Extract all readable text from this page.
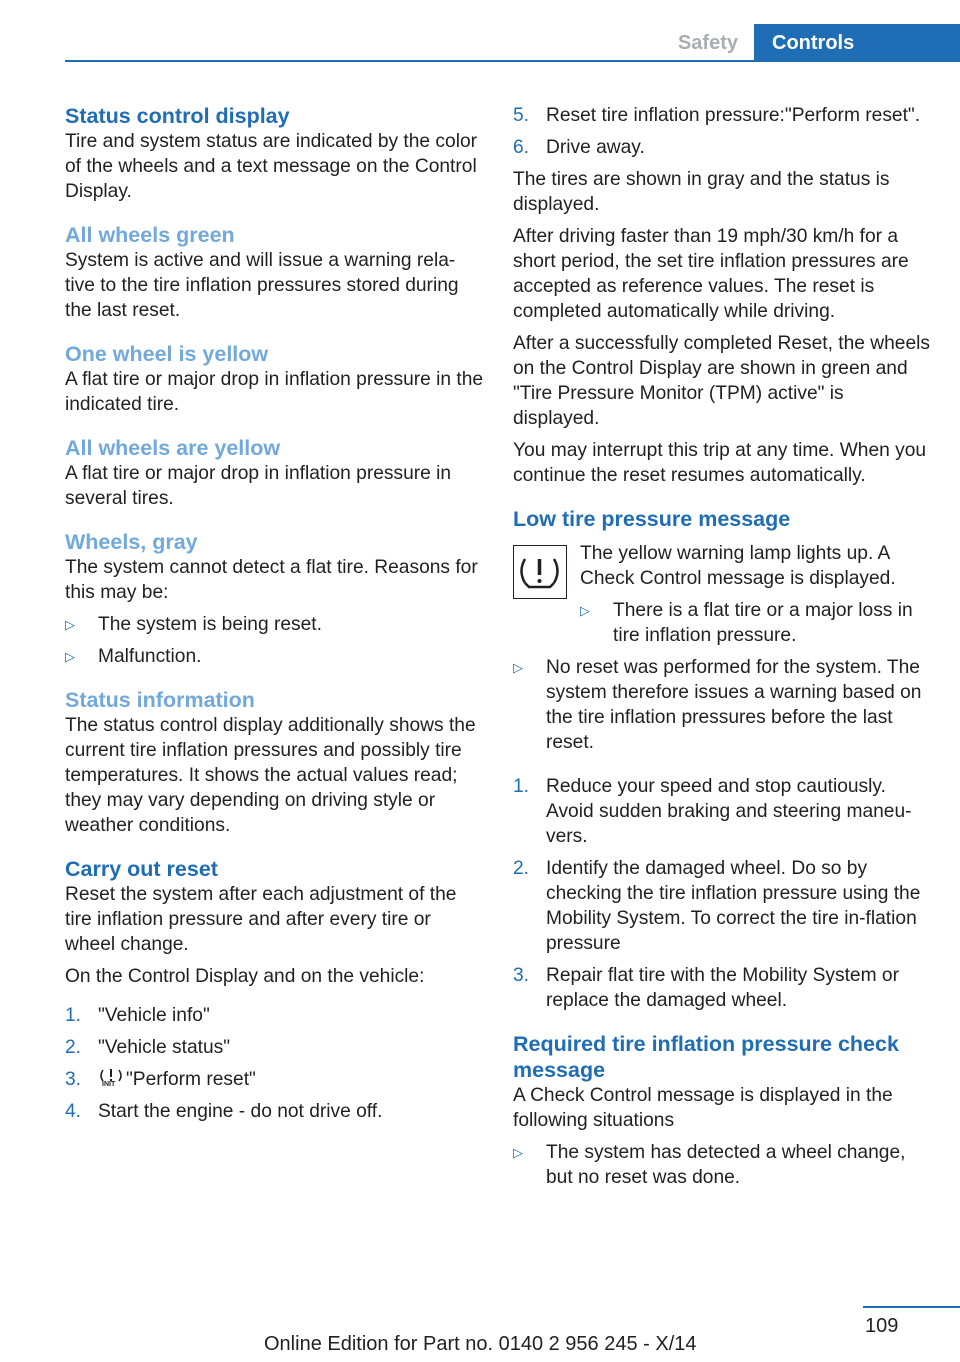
Safety	Controls
Status control display

Tire and system status are indicated by the color of the wheels and a text message on the Control Display.

All wheels green

System is active and will issue a warning rela‐tive to the tire inflation pressures stored during the last reset.

One wheel is yellow

A flat tire or major drop in inflation pressure in the indicated tire.

All wheels are yellow

A flat tire or major drop in inflation pressure in several tires.

Wheels, gray

The system cannot detect a flat tire. Reasons for this may be:

▷	The system is being reset.
▷	Malfunction.
Status information

The status control display additionally shows the current tire inflation pressures and possibly tire temperatures. It shows the actual values read; they may vary depending on driving style or weather conditions.

Carry out reset

Reset the system after each adjustment of the tire inflation pressure and after every tire or wheel change.

On the Control Display and on the vehicle:

1. "Vehicle info"
2. "Vehicle status"
3.	INIT "Perform reset"
4. Start the engine - do not drive off.
5. Reset tire inflation pressure:"Perform reset".
6. Drive away.

The tires are shown in gray and the status is displayed.

After driving faster than 19 mph/30 km/h for a short period, the set tire inflation pressures are accepted as reference values. The reset is completed automatically while driving.

After a successfully completed Reset, the wheels on the Control Display are shown in green and "Tire Pressure Monitor (TPM) active" is displayed.

You may interrupt this trip at any time. When you continue the reset resumes automatically.

Low tire pressure message

The yellow warning lamp lights up. A Check Control message is displayed.

▷	There is a flat tire or a major loss in tire inflation pressure.
▷	No reset was performed for the system. The system therefore issues a warning based on the tire inflation pressures before the last reset.
1. Reduce your speed and stop cautiously. Avoid sudden braking and steering maneu‐vers.
2. Identify the damaged wheel. Do so by checking the tire inflation pressure using the Mobility System. To correct the tire in‐flation pressure
3. Repair flat tire with the Mobility System or replace the damaged wheel.
Required tire inflation pressure check message

A Check Control message is displayed in the following situations

▷	The system has detected a wheel change, but no reset was done.
109
Online Edition for Part no. 0140 2 956 245 - X/14
